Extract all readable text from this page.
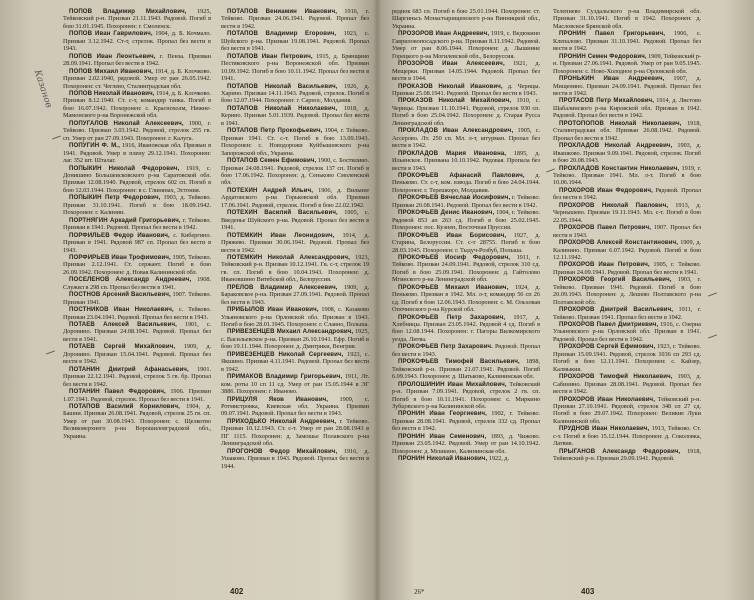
ПОПОВ Владимир Михайлович, 1925, Тейковский р-н. Призван 21.11.1943. Рядовой. Погиб в бою 31.01.1945. Похоронен: г. Смоленск.

ПОПОВ Иван Гаврилович, 1904, д. Б. Кочмало. Призван 3.12.1942. Ст-т, стрелок. Пропал без вести в 1943.

ПОПОВ Иван Леонтьевич, г. Пенза. Призван 28.09.1941. Пропал без вести в 1942.

ПОПОВ Михаил Иванович, 1914, д. Б. Клочково. Призван 2.02.1940, рядовой. Умер от ран 26.05.1942. Похоронен: ст. Чеглево, Сталинградская обл.

ПОПОВ Николай Иванович, 1914, д. Б. Клочково. Призван 8.12.1940. Ст. с-т, командир танка. Погиб в бою 16.07.1942. Похоронен: с. Краснохолм, Нижне-Мамонского р-на Воронежской обл.

ПОПУГАЛОВ Николай Алексеевич, 1900, г. Тейково. Призван 3.03.1942. Рядовой, стрелок 255 гв. сп. Умер от ран 27.09.1943. Похоронен: г. Калуга.

ПОПУГИН Ф. М., 1916, Ивановская обл. Призван в 1941. Рядовой. Умер в плену 29.12.1941. Похоронен: лаг. 352 шт. Шталаг.

ПОПЫКИН Николай Федорович, 1919, с. Донишино Большеисковского р-на Саратовской обл. Призван 12.08.1940. Рядовой, стрелок 602 сп. Погиб в бою 12.03.1944. Похоронен: в с. Глинянах, Эстония.

ПОПЫКИН Петр Федорович, 1903, д. Тейково. Призван 31.10.1941. Погиб в бою 18.09.1942. Похоронен: г. Калинин.

ПОРТНЯГИН Аркадий Григорьевич, г. Тейково. Призван в 1941. Рядовой. Пропал без вести в 1942.

ПОРФИЛЬЕВ Федор Иванович, с. Кибергино. Призван в 1941. Рядовой 987 сп. Пропал без вести в 1943.

ПОРФИРЬЕВ Иван Трофимович, 1905, Тейково. Призван 2.12.1941. Ст. сержант. Погиб в бою 26.09.1942. Похоронен: д. Новая Калининской обл.

ПОСЕЛЕНОВ Александр Андреевич, 1908. Служил в 298 сп. Пропал без вести в 1941.

ПОСТНОВ Арсений Васильевич, 1907. Тейково. Призван 1941.

ПОСТНИКОВ Иван Николаевич, с. Тейково. Призван 23.04.1941. Рядовой. Пропал без вести в 1943.

ПОТАЕВ Алексей Васильевич, 1901, с. Доронино. Призван 24.08.1941. Рядовой. Пропал без вести в 1941.

ПОТАЕВ Сергей Михайлович, 1909, д. Доронино. Призван 15.04.1941. Рядовой. Пропал без вести в 1942.

ПОТАНИН Дмитрий Афанасьевич, 1901. Призван 22.12.1941. Рядовой, стрелок 5 гв. бр. Пропал без вести в 1942.

ПОТАНИН Павел Федорович, 1906. Призван 1.07.1941. Рядовой, стрелок. Пропал без вести в 1941.

ПОТАПОВ Василий Корнилович, 1904, д. Башни. Призван 26.08.1941. Рядовой, стрелок 25 гв. сп. Умер от ран 30.08.1943. Похоронен: с. Щелкотво Великоверхнего р-на Ворошиловградской обл., Украина.

ПОТАПОВ Вениамин Иванович, 1916, г. Тейково. Призван 24.06.1941. Рядовой. Пропал без вести в 1942.

ПОТАПОВ Владимир Егорович, 1923, с. Шуйского р-на. Призван 19.08.1941. Рядовой. Пропал без вести в 1941.

ПОТАПОВ Иван Петрович, 1915, д. Брянщино Пестяковского р-на Воронежской обл. Призван 10.09.1942. Погиб в бою 10.11.1942. Пропал без вести в 1941.

ПОТАПОВ Николай Васильевич, 1926, д. Харино. Призван 14.11.1943. Рядовой, стрелок. Погиб в бою 12.07.1944. Похоронен: г. Сарнос, Молдавия.

ПОТАПОВ Николай Николаевич, 1918, д. Керино. Призван 5.01.1939. Рядовой. Пропал без вести в 1941.

ПОТАПОВ Петр Прокофьевич, 1904, г. Тейково. Призван 1941. Ст. с-т. Погиб в бою 13.09.1943. Похоронен: с. Новодорожи Куйбышевского р-на Запорожской обл., Украина.

ПОТАПОВ Семен Ефимович, 1900, с. Бостилино. Призван 24.08.1941. Рядовой, стрелок 137 сп. Погиб в бою 17.06.1942. Похоронен: д. Сеньково Смоленской обл.

ПОТЕХИН Андрей Ильич, 1906, д. Вильнее Ардатовского р-на Горьковской обл. Призван 17.06.1941. Рядовой, стрелок. Погиб в бою 22.02.1942.

ПОТЕХИН Василий Васильевич, 1905, с. Введенье Шуйского р-на. Рядовой. Пропал без вести в 1941.

ПОТЕМКИН Иван Леонидович, 1914, д. Пряжево. Призван 30.06.1941. Рядовой. Пропал без вести в 1942.

ПОТЕМКИН Николай Александрович, 1923, Тейковский р-н. Призван 10.12.1941. Гв. с-т, стрелок 19 гв. сп. Погиб в бою 10.04.1943. Похоронен: д. Ивановшино Витебской обл., Белоруссия.

ПРЕЛОВ Владимир Алексеевич, 1909, д. Бараковское р-на. Призван 27.09.1941. Рядовой. Пропал без вести в 1943.

ПРИБЫЛОВ Иван Иванович, 1908, с. Казаково Ульяновского р-на Орловской обл. Призван в 1943. Погиб в бою 28.01.1945. Похоронен: г. Славно, Польша.

ПРИВЕЗЕНЦЕВ Михаил Александрович, 1925, с. Васильевское р-на. Призван 26.10.1941. Ефр. Погиб в бою 19.11.1944. Похоронен: д. Дмитрики, Венгрия.

ПРИВЕЗЕНЦЕВ Николай Сергеевич, 1923, с. Якшино. Призван 4.11.1941. Рядовой. Пропал без вести в 1942.

ПРИМАКОВ Владимир Григорьевич, 1911, Лт. ком. роты 10 сп 11 сд. Умер от ран 15.05.1944 в ЭГ 3886. Похоронен: г. Иваново.

ПРИЦУЛЯ Яков Иванович, 1909, с. Ротмистровка, Киевская обл. Украина. Призван 09.07.1941. Рядовой. Пропал без вести в 1943.

ПРИХОДЬКО Николай Андреевич, г. Тейково. Призван 10.12.1943. Ст. с-т. Умер от ран 28.08.1943 в ПГ 1115. Похоронен: д. Замошье Полавского р-на Ленинградской обл.

ПРОГОНОВ Федор Михайлович, 1916, д. Ушаково. Призван в 1943. Рядовой. Пропал без вести в 1944.

402
Казанов

реднок 683 сп. Погиб в бою 25.01.1944. Похоронен: ст. Шаргиньсь Монастырищенского р-на Винницкой обл., Украина.

ПРОЗОРОВ Иван Андреевич, 1919, с. Ведюкино Гавриловопосадского р-на. Призван 8.11.1942. Рядовой. Умер от ран 8.06.1944. Похоронен: д. Лышнине Горецкого р-на Могилевской обл., Белоруссия.

ПРОЗОРОВ Иван Алексеевич, 1921, д. Мещерки. Призван 14.05.1944. Рядовой. Пропал без вести в 1944.

ПРОКАЗОВ Николай Иванович, д. Чернцы. Призван 25.08.1941. Рядовой. Пропал без вести в 1943.

ПРОКАЗОВ Николай Михайлович, 1910, с. Чернцы. Призван 11.10.1941. Рядовой, стрелок 930 сп. Погиб в бою 25.04.1942. Похоронен: д. Старая Русса Ленинградской обл.

ПРОКЛАДОВ Иван Александрович, 1905, с. Ассерово. Лт. 250 сп. Мл. л-т, штурман. Пропал без вести в 1942.

ПРОКЛАДОВ Мария Ивановна, 1895, д. Ильинское. Призвана 10.10.1942. Рядовая. Пропала без вести в 1943.

ПРОКОФЬЕВ Афанасий Павлович, д. Пеньково. Ст. с-т, ком. взвода. Погиб в бою 24.04.1944. Похоронен: г. Терешкоро, Молдавия.

ПРОКОФЬЕВ Вячеслав Иосифович, г. Тейково. Призван 20.08.1941. Рядовой. Пропал без вести в 1942.

ПРОКОФЬЕВ Денис Иванович, 1904, г. Тейково. Рядовой 853 ап 263 сд. Погиб в бою 25.02.1945. Похоронен: пос. Куэнен, Восточная Пруссия.

ПРОКОФЬЕВ Иван Борисович, 1927, д. Старина, Белоруссия. Ст. с-т 28755. Погиб в бою 28.03.1945. Похоронен: г. Тыдуч-Розбуб, Польша.

ПРОКОФЬЕВ Иосиф Федорович, 1911, г. Тейково. Призван 24.09.1941. Рядовой, стрелок 310 сд. Погиб в бою 25.09.1941. Похоронен: д. Гайтолово Мгинского р-на Ленинградской обл.

ПРОКОФЬЕВ Михаил Иванович, 1924, д. Пеньково. Призван в 1942. Мл. л-т, командир 56 сп 26 сд. Погиб в бою 12.06.1943. Похоронен: с. М. Ольховая Опочинского р-на Курской обл.

ПРОКОФЬЕВ Петр Захарович, 1917, д. Хлебницы. Призван 23.05.1942. Рядовой 4 сд. Погиб в бою 12.08.1944. Похоронен: г. Пагоры Вилкомирского уезда, Литва.

ПРОКОФЬЕВ Петр Захарович. Рядовой. Пропал без вести в 1943.

ПРОКОФЬЕВ Тимофей Васильевич, 1898, Тейковский р-н. Призван 21.07.1941. Рядовой. Погиб 6.09.1943. Похоронен: д. Шатьково, Калининская обл.

ПРОЛОШИНИН Иван Михайлович, Тейковский р-н. Призван 7.09.1941. Рядовой, стрелок 2 гв. сп. Погиб в бою 10.11.1941. Похоронен: с. Миркино Зубцовского р-на Калининской обл.

ПРОНИН Иван Георгиевич, 1902, г. Тейково. Призван 28.08.1941. Рядовой, стрелок 332 сд. Пропал без вести в 1942.

ПРОНИН Иван Семенович, 1893, д. Чижово. Призван 23.05.1942. Рядовой. Умер от ран 14.10.1942. Похоронен: д. Мешкино, Калининская обл.

ПРОНИН Николай Иванович, 1922, д.

Телепнево Суздальского р-на Владимирской обл. Призван 31.10.1941. Погиб в 1942. Похоронен: д. Масловское Брянской обл.

ПРОНИН Павел Григорьевич, 1906, с. Клепалово. Призван 31.10.1941. Рядовой. Пропал без вести в 1942.

ПРОНИН Семен Федорович, 1909, Тейковский р-н. Призван 27.06.1941. Рядовой. Умер от ран 9.05.1945. Похоронен: с. Ново-Холодное р-на Орловской обл.

ПРОНЬКИН Иван Андреевич, 1907, д. Мищенино. Призван 24.09.1941. Рядовой. Пропал без вести в 1942.

ПРОТАСОВ Петр Михайлович, 1914, д. Листово Шабалинского р-на Кировской обл. Призван в 1942. Рядовой. Пропал без вести в 1942.

ПРОТОПОПОВ Николай Николаевич, 1918, Сталинградская обл. Призван 26.08.1942. Рядовой. Пропал без вести в 1942.

ПРОХЛАДОВ Николай Андреевич, 1903, д. Ивашково. Призван 9.09.1941. Рядовой, стрелок. Погиб в бою 20.08.1943.

ПРОХЛАДОВ Константин Николаевич, 1919, г. Тейково. Призван 1941. Мл. л-т. Погиб в бою 10.06.1944.

ПРОХОРОВ Иван Федорович, Рядовой. Пропал без вести в 1942.

ПРОХОРОВ Николай Павлович, 1913, д. Чернышево. Призван 19.11.1943. Мл. с-т. Погиб в бою 22.05.1944.

ПРОХОРОВ Павел Петрович, 1907. Пропал без вести в 1943.

ПРОХОРОВ Алексей Константинович, 1909, д. Калинино. Призван 6.07.1942. Рядовой. Погиб в бою 12.11.1942.

ПРОХОРОВ Иван Петрович, 1905, г. Тейково. Призван 24.09.1941. Рядовой. Пропал без вести в 1941.

ПРОХОРОВ Георгий Васильевич, 1903, г. Тейково. Призван 1941. Рядовой. Погиб в бою 20.09.1943. Похоронен: д. Лешево Полтавского р-на Полтавской обл.

ПРОХОРОВ Дмитрий Васильевич, 1911, г. Тейково. Призван 1941. Пропал без вести в 1942.

ПРОХОРОВ Павел Дмитриевич, 1916, с. Озерна Ульяновского р-на Орловской обл. Призван в 1941. Рядовой. Пропал без вести в 1942.

ПРОХОРОВ Сергей Ефимович, 1923, г. Тейково. Призван 15.09.1941. Рядовой, стрелок 1036 сп 293 сд. Погиб в бою 12.11.1941. Похоронен: с. Кайзер, Калмыкия.

ПРОХОРОВ Тимофей Николаевич, 1903, д. Сабинино. Призван 28.08.1941. Рядовой. Пропал без вести в 1942.

ПРОХОРОВ Иван Николаевич, Тейковский р-н. Призван 27.10.1941. Рядовой, стрелок 348 сп 27 сд. Погиб в бою 29.07.1942. Похоронен: Великие Луки Калининской обл.

ПРУДНОВ Иван Николаевич, 1913, Тейково. Ст. с-т. Погиб в бою 15.12.1944. Похоронен: д. Соколовка, Латвия.

ПРЫГАНОВ Александр Федорович, 1918, Тейковский р-н. Призван 29.09.1941. Рядовой.

26*	403
